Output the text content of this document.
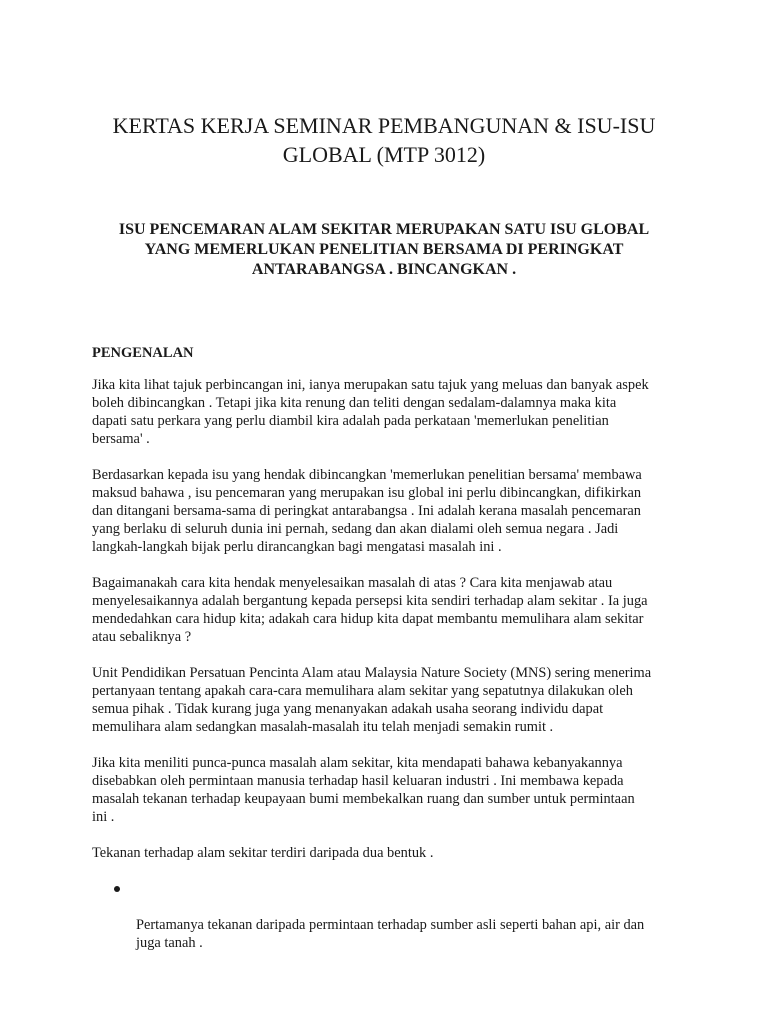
KERTAS KERJA SEMINAR PEMBANGUNAN & ISU-ISU
GLOBAL (MTP 3012)
ISU PENCEMARAN ALAM SEKITAR MERUPAKAN SATU ISU GLOBAL
YANG MEMERLUKAN PENELITIAN BERSAMA DI PERINGKAT
ANTARABANGSA . BINCANGKAN .
PENGENALAN

Jika kita lihat tajuk perbincangan ini, ianya merupakan satu tajuk yang meluas dan banyak aspek
boleh dibincangkan . Tetapi jika kita renung dan teliti dengan sedalam-dalamnya maka kita
dapati satu perkara yang perlu diambil kira adalah pada perkataan 'memerlukan penelitian
bersama' .

Berdasarkan kepada isu yang hendak dibincangkan 'memerlukan penelitian bersama' membawa
maksud bahawa , isu pencemaran yang merupakan isu global ini perlu dibincangkan, difikirkan
dan ditangani bersama-sama di peringkat antarabangsa . Ini adalah kerana masalah pencemaran
yang berlaku di seluruh dunia ini pernah, sedang dan akan dialami oleh semua negara . Jadi
langkah-langkah bijak perlu dirancangkan bagi mengatasi masalah ini .

Bagaimanakah cara kita hendak menyelesaikan masalah di atas ? Cara kita menjawab atau
menyelesaikannya adalah bergantung kepada persepsi kita sendiri terhadap alam sekitar . Ia juga
mendedahkan cara hidup kita; adakah cara hidup kita dapat membantu memulihara alam sekitar
atau sebaliknya ?

Unit Pendidikan Persatuan Pencinta Alam atau Malaysia Nature Society (MNS) sering menerima
pertanyaan tentang apakah cara-cara memulihara alam sekitar yang sepatutnya dilakukan oleh
semua pihak . Tidak kurang juga yang menanyakan adakah usaha seorang individu dapat
memulihara alam sedangkan masalah-masalah itu telah menjadi semakin rumit .

Jika kita meniliti punca-punca masalah alam sekitar, kita mendapati bahawa kebanyakannya
disebabkan oleh permintaan manusia terhadap hasil keluaran industri . Ini membawa kepada
masalah tekanan terhadap keupayaan bumi membekalkan ruang dan sumber untuk permintaan
ini .

Tekanan terhadap alam sekitar terdiri daripada dua bentuk .

Pertamanya tekanan daripada permintaan terhadap sumber asli seperti bahan api, air dan
juga tanah .
